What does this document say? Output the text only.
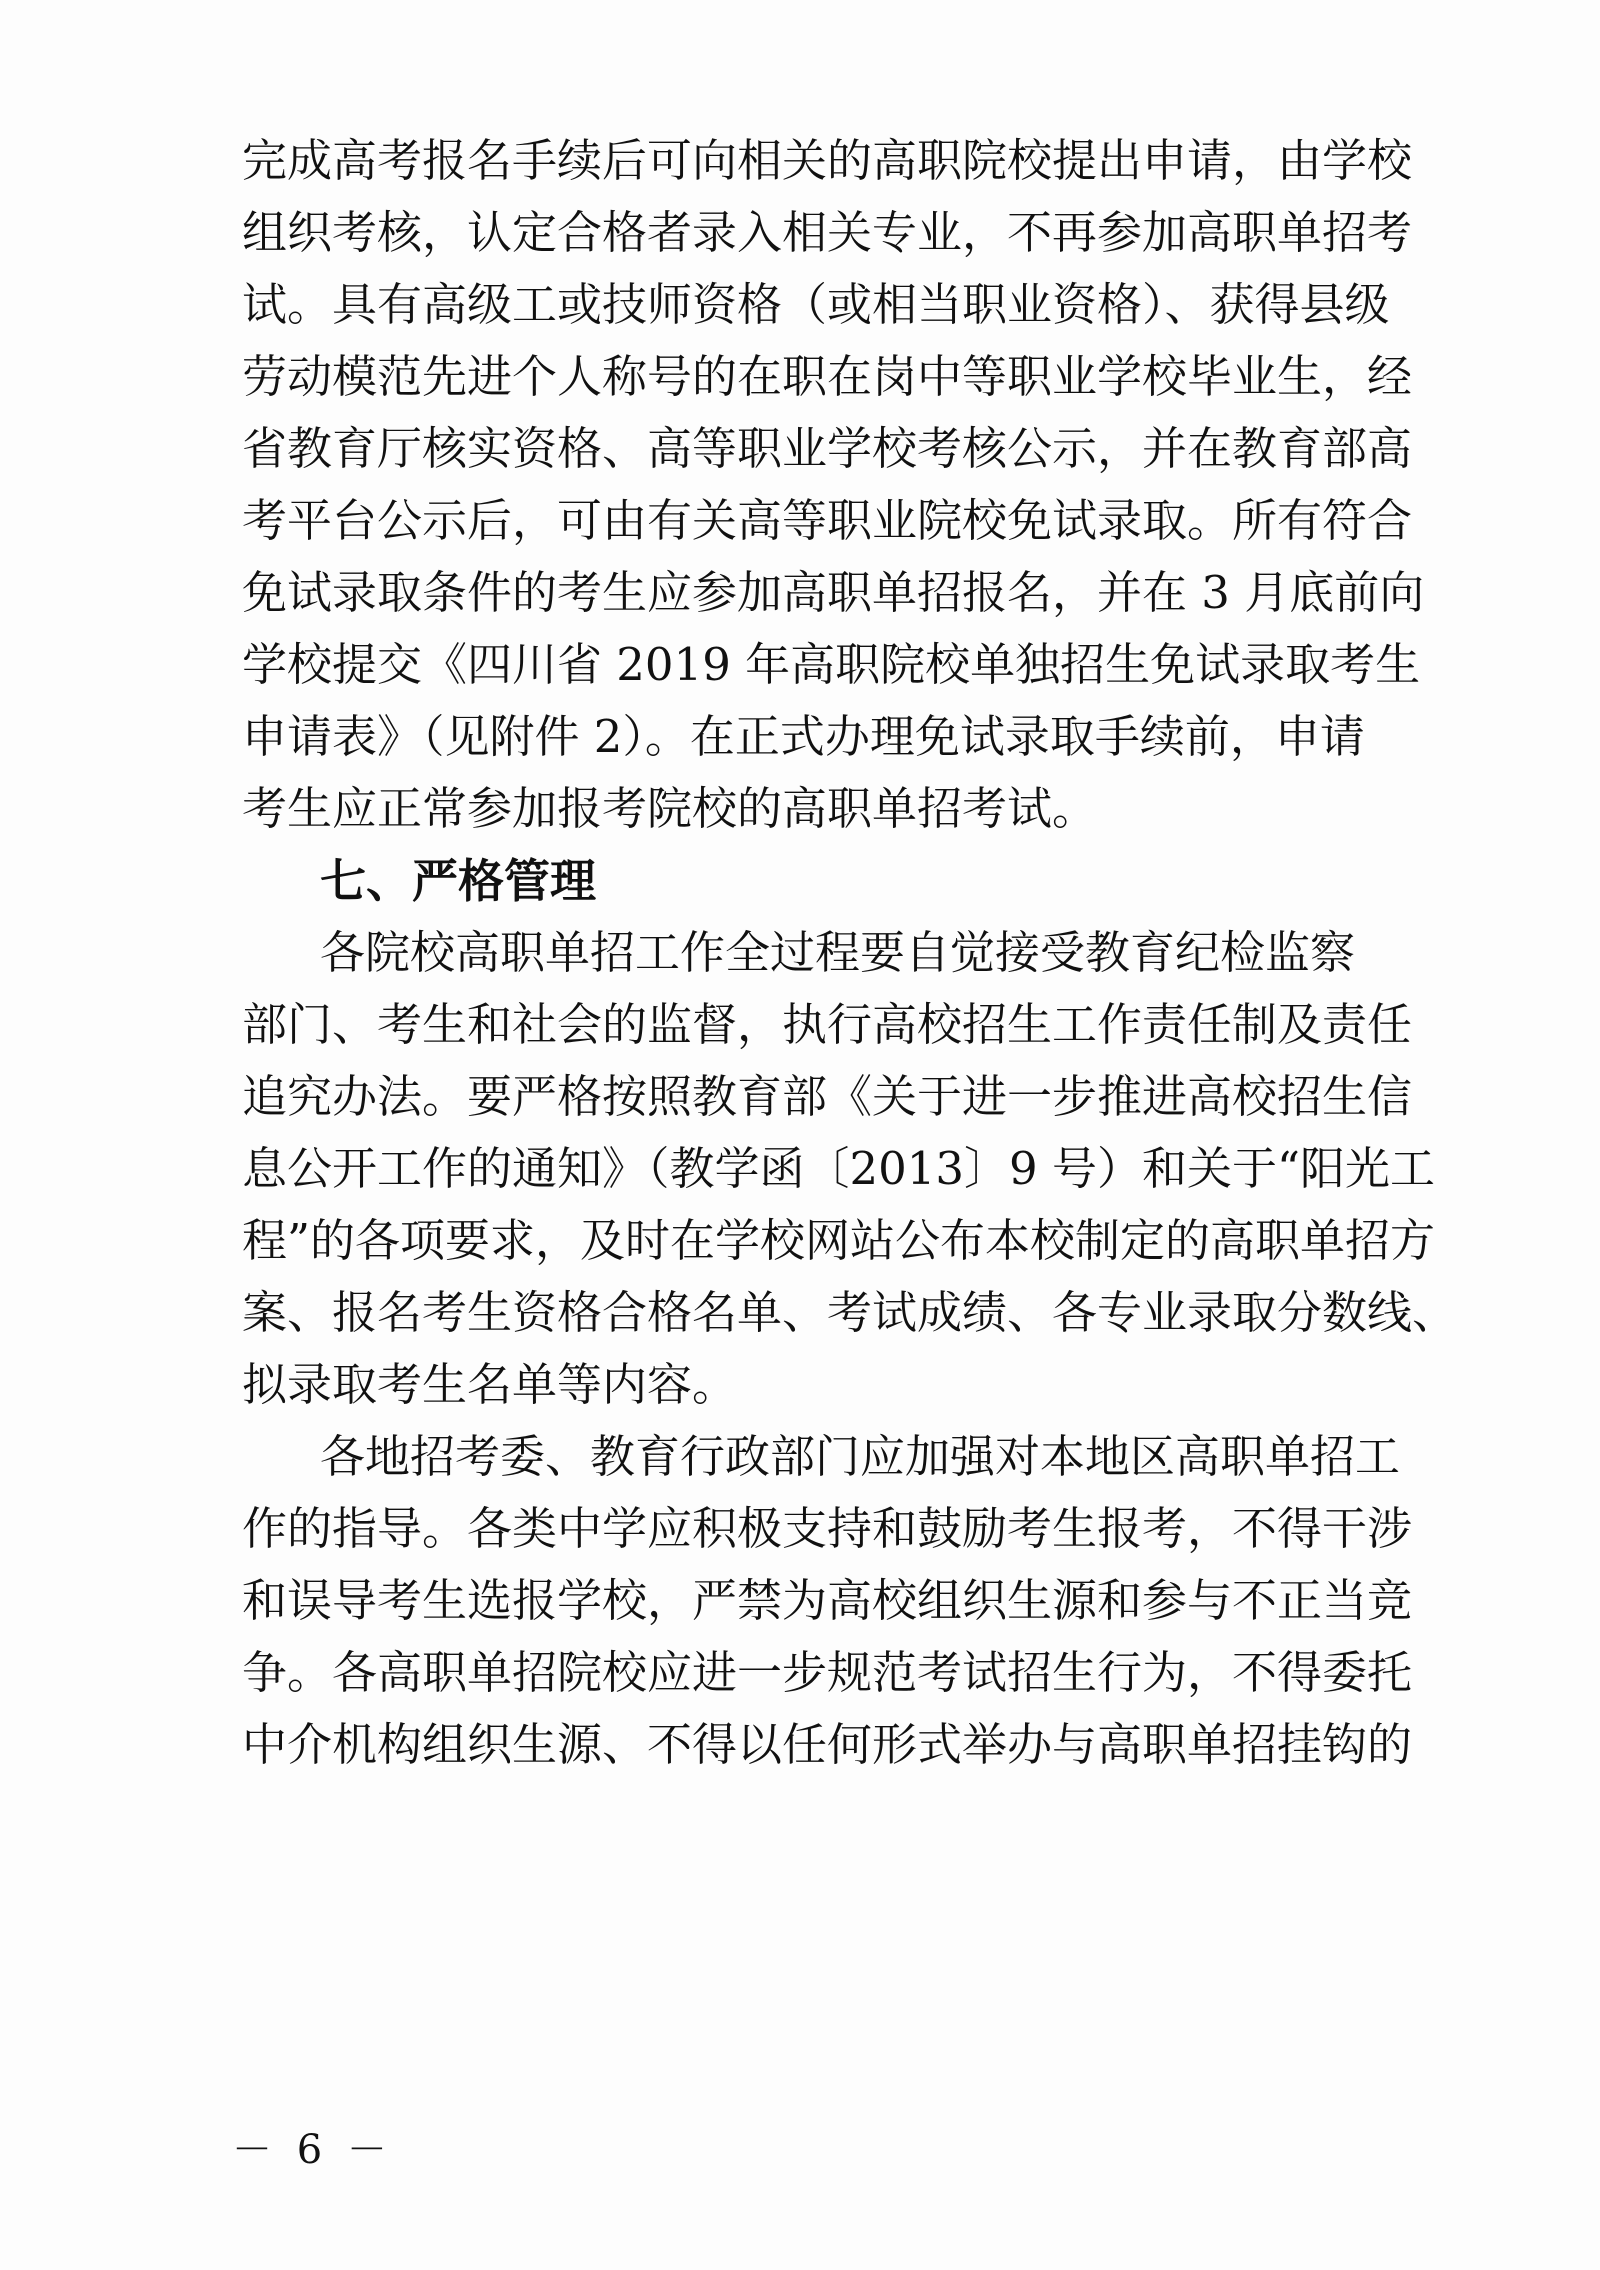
完成高考报名手续后可向相关的高职院校提出申请，由学校
组织考核，认定合格者录入相关专业，不再参加高职单招考
试。具有高级工或技师资格（或相当职业资格）、获得县级
劳动模范先进个人称号的在职在岗中等职业学校毕业生，经
省教育厅核实资格、高等职业学校考核公示，并在教育部高
考平台公示后，可由有关高等职业院校免试录取。所有符合
免试录取条件的考生应参加高职单招报名，并在 3 月底前向
学校提交《四川省 2019 年高职院校单独招生免试录取考生
申请表》（见附件 2）。在正式办理免试录取手续前，申请
考生应正常参加报考院校的高职单招考试。
七、严格管理
各院校高职单招工作全过程要自觉接受教育纪检监察
部门、考生和社会的监督，执行高校招生工作责任制及责任
追究办法。要严格按照教育部《关于进一步推进高校招生信
息公开工作的通知》（教学函〔2013〕9 号）和关于“阳光工
程”的各项要求，及时在学校网站公布本校制定的高职单招方
案、报名考生资格合格名单、考试成绩、各专业录取分数线、
拟录取考生名单等内容。
各地招考委、教育行政部门应加强对本地区高职单招工
作的指导。各类中学应积极支持和鼓励考生报考，不得干涉
和误导考生选报学校，严禁为高校组织生源和参与不正当竞
争。各高职单招院校应进一步规范考试招生行为，不得委托
中介机构组织生源、不得以任何形式举办与高职单招挂钩的
－ 6 －
